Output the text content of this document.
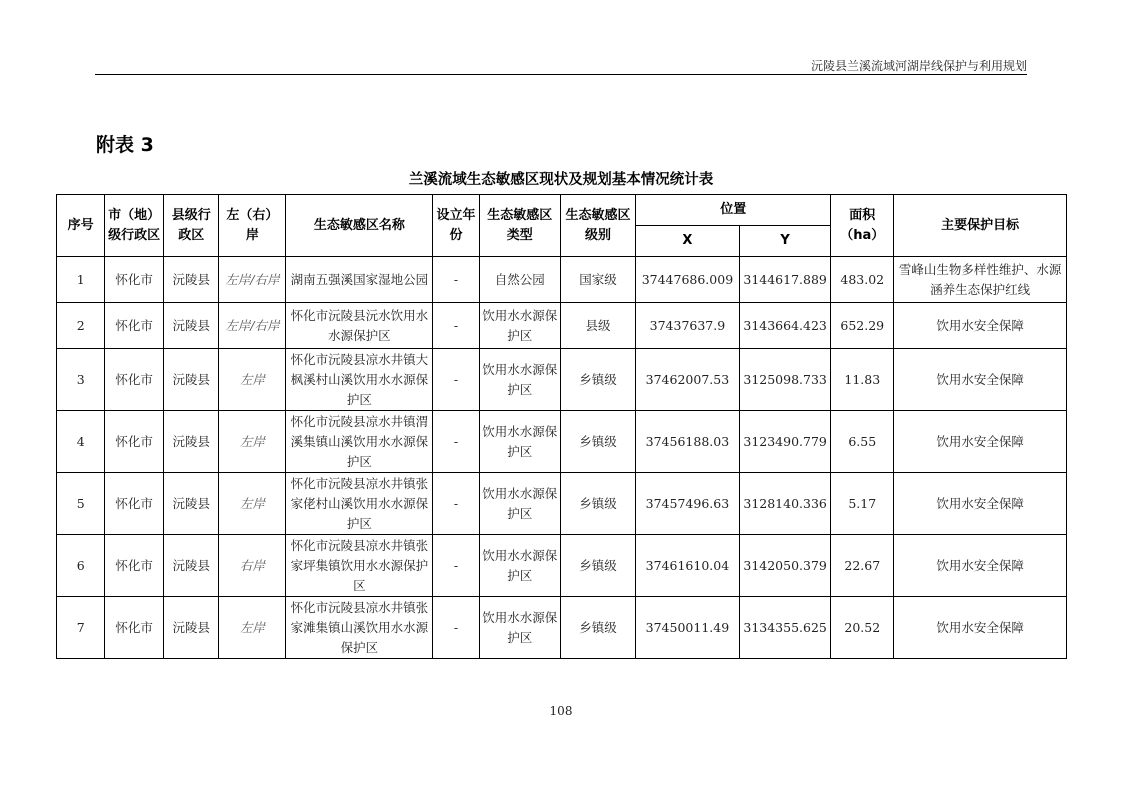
沅陵县兰溪流域河湖岸线保护与利用规划
附表 3
兰溪流域生态敏感区现状及规划基本情况统计表
序号	市（地）级行政区	县级行政区	左（右）岸	生态敏感区名称	设立年份	生态敏感区类型	生态敏感区级别	位置		面积（ha）	主要保护目标
								X	Y		
1	怀化市	沅陵县	左岸/右岸	湖南五强溪国家湿地公园	-	自然公园	国家级	37447686.009	3144617.889	483.02	雪峰山生物多样性维护、水源涵养生态保护红线
2	怀化市	沅陵县	左岸/右岸	怀化市沅陵县沅水饮用水水源保护区	-	饮用水水源保护区	县级	37437637.9	3143664.423	652.29	饮用水安全保障
3	怀化市	沅陵县	左岸	怀化市沅陵县凉水井镇大枫溪村山溪饮用水水源保护区	-	饮用水水源保护区	乡镇级	37462007.53	3125098.733	11.83	饮用水安全保障
4	怀化市	沅陵县	左岸	怀化市沅陵县凉水井镇渭溪集镇山溪饮用水水源保护区	-	饮用水水源保护区	乡镇级	37456188.03	3123490.779	6.55	饮用水安全保障
5	怀化市	沅陵县	左岸	怀化市沅陵县凉水井镇张家佬村山溪饮用水水源保护区	-	饮用水水源保护区	乡镇级	37457496.63	3128140.336	5.17	饮用水安全保障
6	怀化市	沅陵县	右岸	怀化市沅陵县凉水井镇张家坪集镇饮用水水源保护区	-	饮用水水源保护区	乡镇级	37461610.04	3142050.379	22.67	饮用水安全保障
7	怀化市	沅陵县	左岸	怀化市沅陵县凉水井镇张家滩集镇山溪饮用水水源保护区	-	饮用水水源保护区	乡镇级	37450011.49	3134355.625	20.52	饮用水安全保障
108
